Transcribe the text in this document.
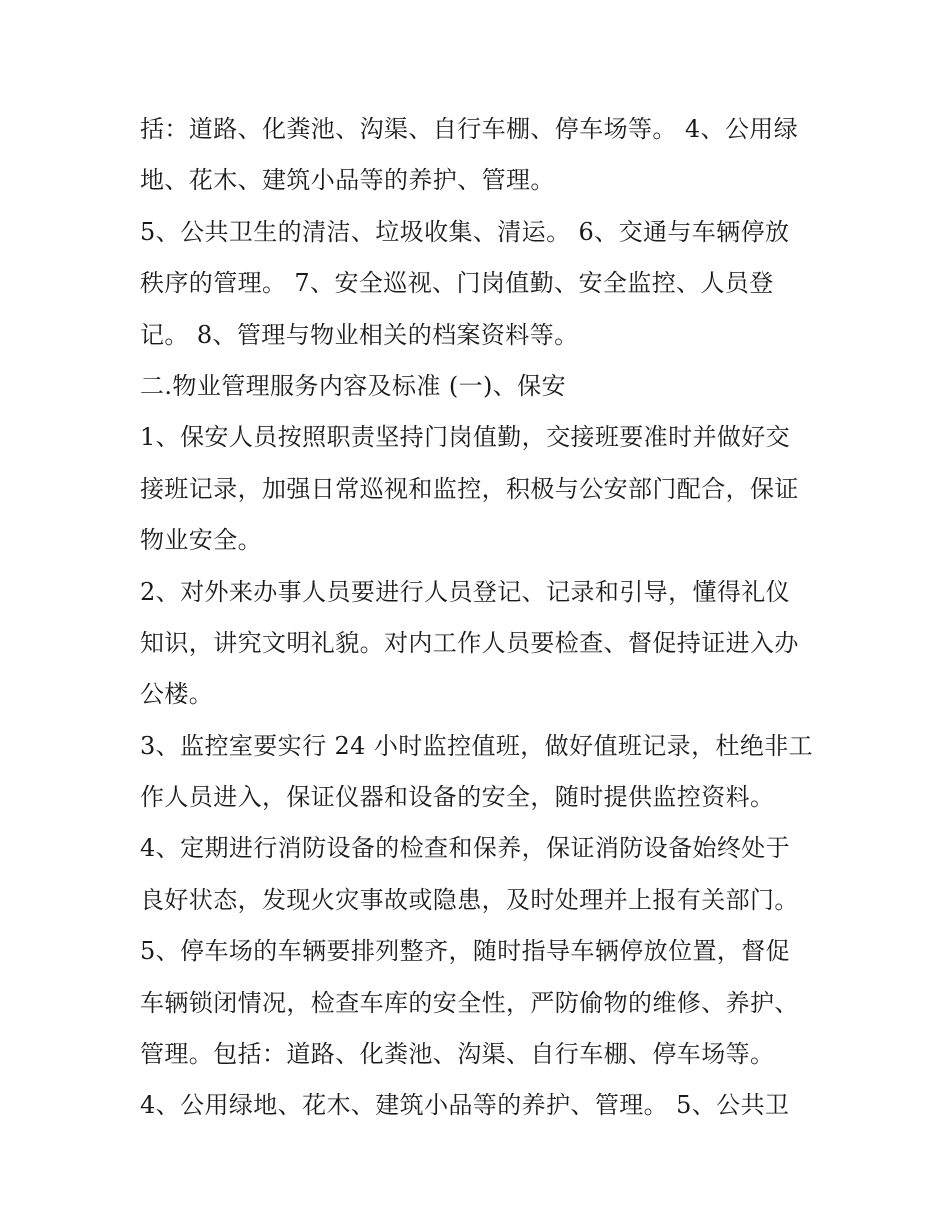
括：道路、化粪池、沟渠、自行车棚、停车场等。 4、公用绿
地、花木、建筑小品等的养护、管理。
5、公共卫生的清洁、垃圾收集、清运。 6、交通与车辆停放
秩序的管理。 7、安全巡视、门岗值勤、安全监控、人员登
记。 8、管理与物业相关的档案资料等。
二.物业管理服务内容及标准 (一)、保安
1、保安人员按照职责坚持门岗值勤，交接班要准时并做好交
接班记录，加强日常巡视和监控，积极与公安部门配合，保证
物业安全。
2、对外来办事人员要进行人员登记、记录和引导，懂得礼仪
知识，讲究文明礼貌。对内工作人员要检查、督促持证进入办
公楼。
3、监控室要实行 24 小时监控值班，做好值班记录，杜绝非工
作人员进入，保证仪器和设备的安全，随时提供监控资料。
4、定期进行消防设备的检查和保养，保证消防设备始终处于
良好状态，发现火灾事故或隐患，及时处理并上报有关部门。
5、停车场的车辆要排列整齐，随时指导车辆停放位置，督促
车辆锁闭情况，检查车库的安全性，严防偷物的维修、养护、
管理。包括：道路、化粪池、沟渠、自行车棚、停车场等。
4、公用绿地、花木、建筑小品等的养护、管理。 5、公共卫
